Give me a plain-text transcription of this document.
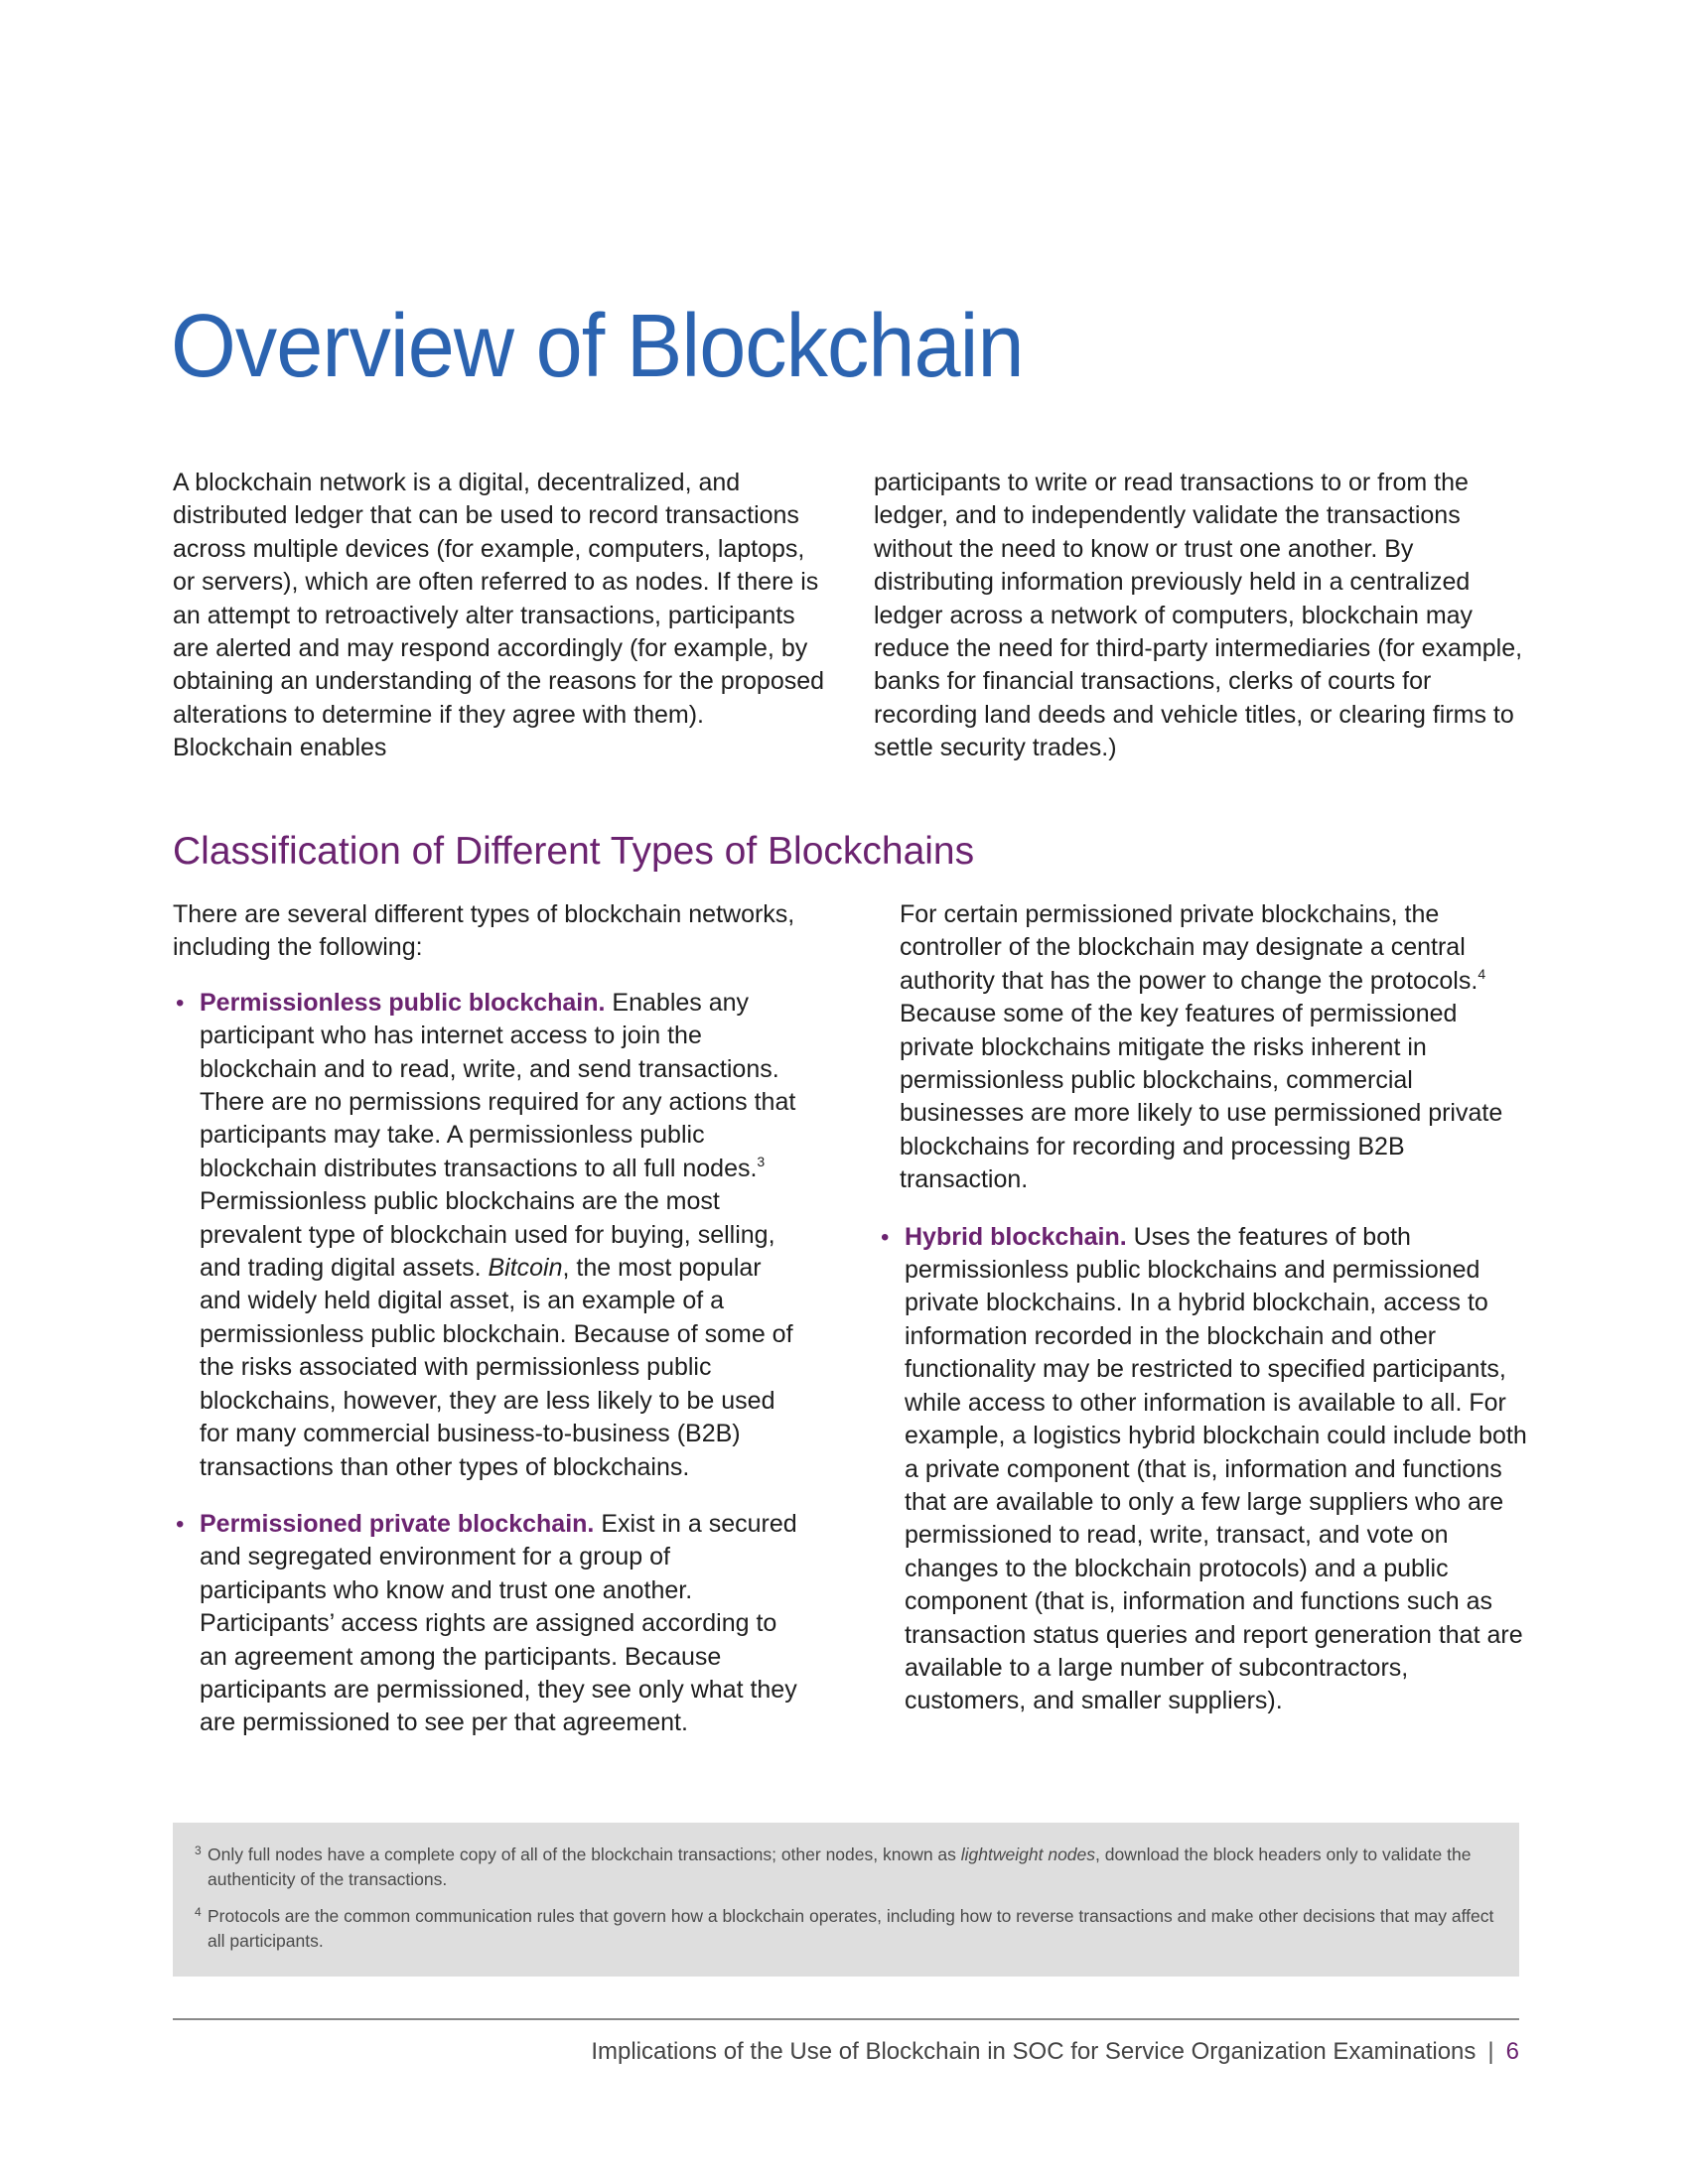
Overview of Blockchain

A blockchain network is a digital, decentralized, and distributed ledger that can be used to record transactions across multiple devices (for example, computers, laptops, or servers), which are often referred to as nodes. If there is an attempt to retroactively alter transactions, participants are alerted and may respond accordingly (for example, by obtaining an understanding of the reasons for the proposed alterations to determine if they agree with them). Blockchain enables

participants to write or read transactions to or from the ledger, and to independently validate the transactions without the need to know or trust one another. By distributing information previously held in a centralized ledger across a network of computers, blockchain may reduce the need for third-party intermediaries (for example, banks for financial transactions, clerks of courts for recording land deeds and vehicle titles, or clearing firms to settle security trades.)

Classification of Different Types of Blockchains

There are several different types of blockchain networks, including the following:

• Permissionless public blockchain. Enables any participant who has internet access to join the blockchain and to read, write, and send transactions. There are no permissions required for any actions that participants may take. A permissionless public blockchain distributes transactions to all full nodes.$^3$ Permissionless public blockchains are the most prevalent type of blockchain used for buying, selling, and trading digital assets. Bitcoin, the most popular and widely held digital asset, is an example of a permissionless public blockchain. Because of some of the risks associated with permissionless public blockchains, however, they are less likely to be used for many commercial business-to-business (B2B) transactions than other types of blockchains.
• Permissioned private blockchain. Exist in a secured and segregated environment for a group of participants who know and trust one another. Participants’ access rights are assigned according to an agreement among the participants. Because participants are permissioned, they see only what they are permissioned to see per that agreement.

For certain permissioned private blockchains, the controller of the blockchain may designate a central authority that has the power to change the protocols.$^4$ Because some of the key features of permissioned private blockchains mitigate the risks inherent in permissionless public blockchains, commercial businesses are more likely to use permissioned private blockchains for recording and processing B2B transaction.

• Hybrid blockchain. Uses the features of both permissionless public blockchains and permissioned private blockchains. In a hybrid blockchain, access to information recorded in the blockchain and other functionality may be restricted to specified participants, while access to other information is available to all. For example, a logistics hybrid blockchain could include both a private component (that is, information and functions that are available to only a few large suppliers who are permissioned to read, write, transact, and vote on changes to the blockchain protocols) and a public component (that is, information and functions such as transaction status queries and report generation that are available to a large number of subcontractors, customers, and smaller suppliers).
3 Only full nodes have a complete copy of all of the blockchain transactions; other nodes, known as lightweight nodes, download the block headers only to validate the authenticity of the transactions.
4 Protocols are the common communication rules that govern how a blockchain operates, including how to reverse transactions and make other decisions that may affect all participants.
Implications of the Use of Blockchain in SOC for Service Organization Examinations | 6
